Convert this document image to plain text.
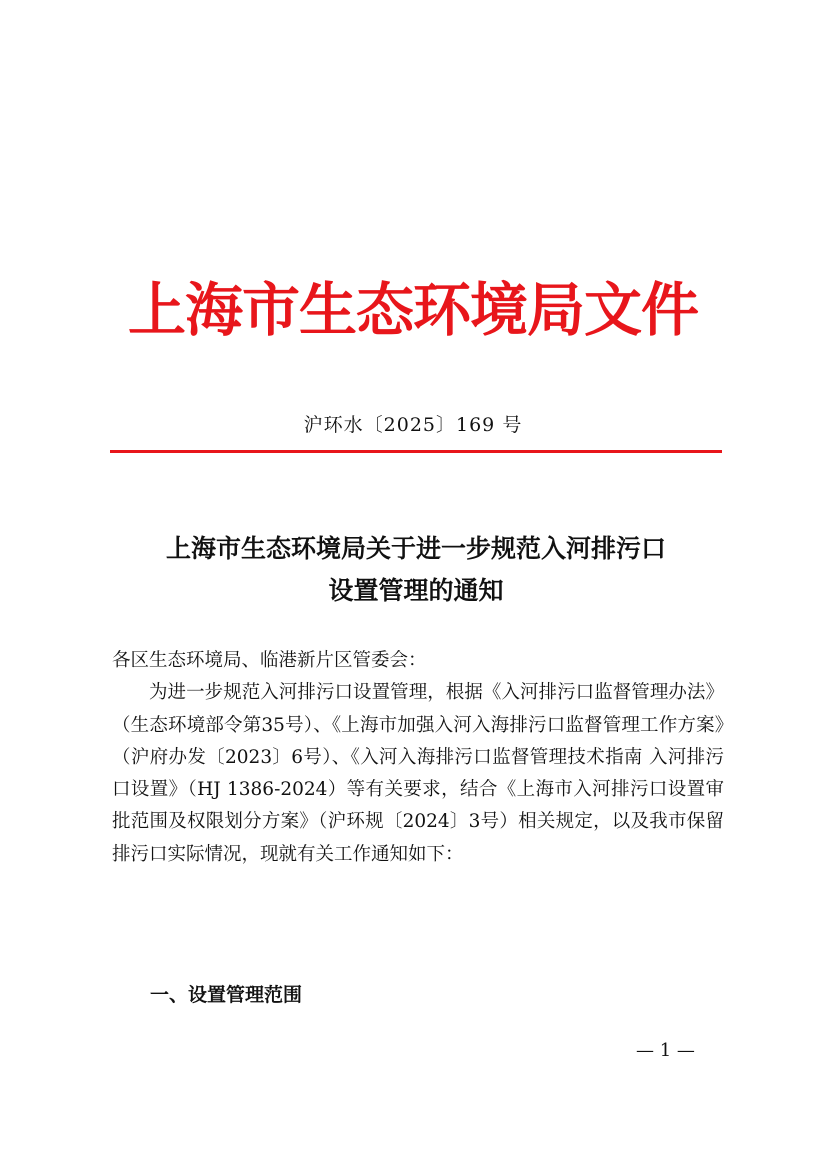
上海市生态环境局文件
沪环水〔2025〕169 号
上海市生态环境局关于进一步规范入河排污口
设置管理的通知

各区生态环境局、临港新片区管委会：

为进一步规范入河排污口设置管理，根据《入河排污口监督管理办法》（生态环境部令第35号）、《上海市加强入河入海排污口监督管理工作方案》（沪府办发〔2023〕6号）、《入河入海排污口监督管理技术指南 入河排污口设置》（HJ 1386-2024）等有关要求，结合《上海市入河排污口设置审批范围及权限划分方案》（沪环规〔2024〕3号）相关规定，以及我市保留排污口实际情况，现就有关工作通知如下：

一、设置管理范围
— 1 —
